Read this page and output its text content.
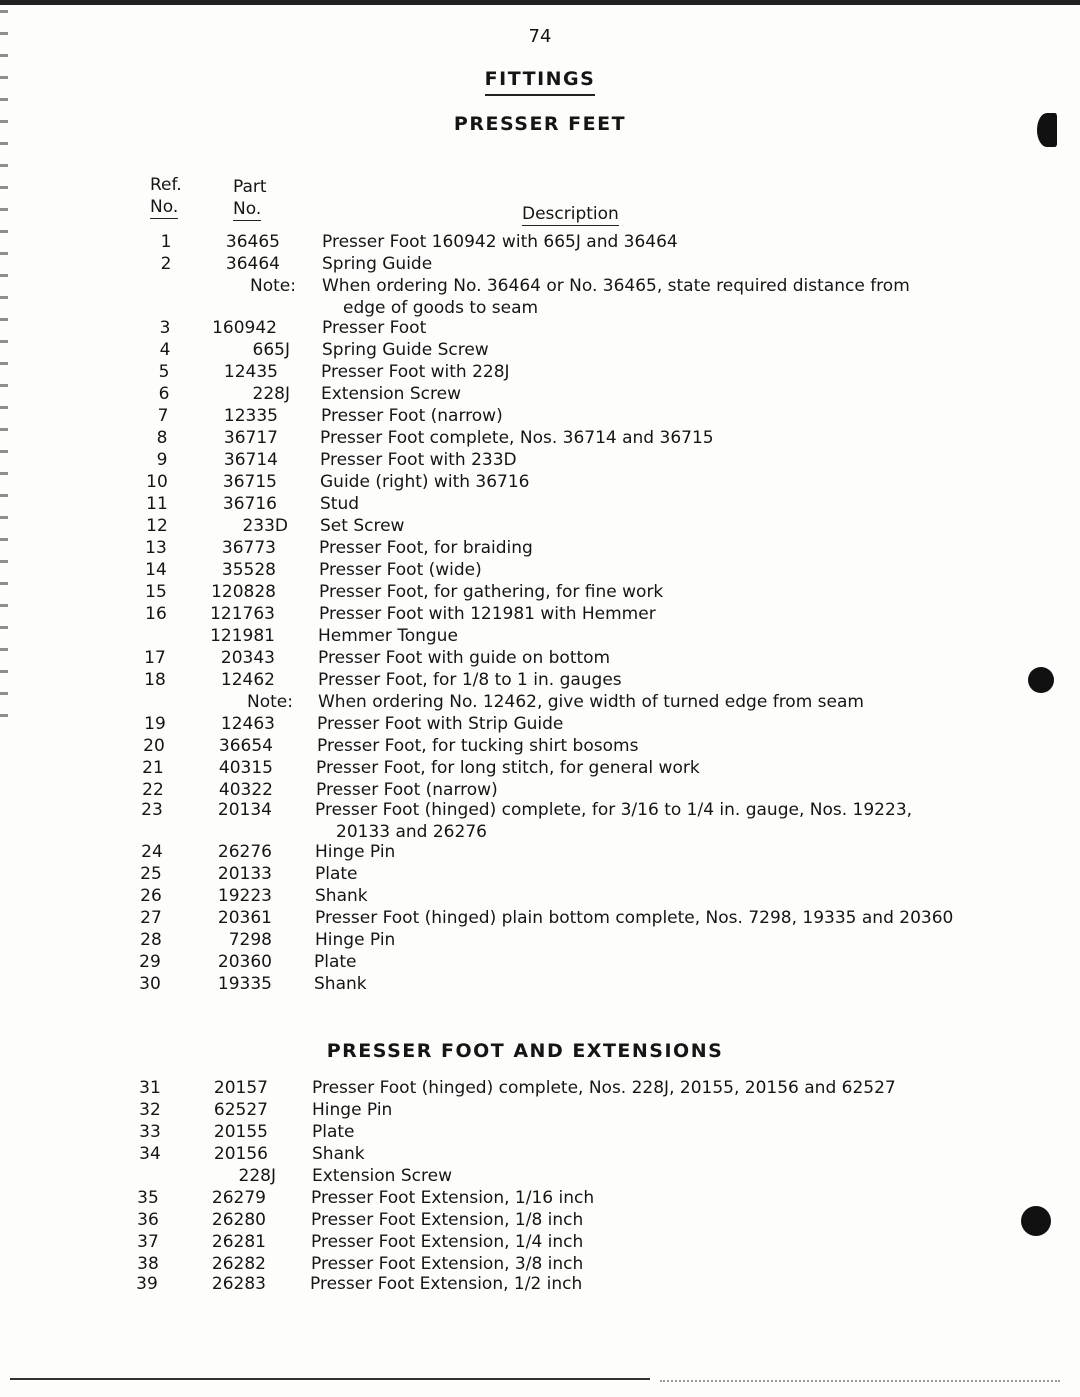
74
FITTINGS
PRESSER FEET
Ref.
No.
Part
No.	Description
1	36465 Presser Foot 160942 with 665J and 36464
2	36464 Spring Guide
Note: When ordering No. 36464 or No. 36465, state required distance from
edge of goods to seam
3	160942	Presser Foot
4	665J Spring Guide Screw
5	12435	Presser Foot with 228J
6	228J Extension Screw
7	12335	Presser Foot (narrow)
8	36717 Presser Foot complete, Nos. 36714 and 36715
9	36714 Presser Foot with 233D
10	36715	Guide (right) with 36716
11	36716	Stud
12	233D Set Screw
13	36773	Presser Foot, for braiding
14	35528	Presser Foot (wide)
15	120828	Presser Foot, for gathering, for fine work
16	121763	Presser Foot with 121981 with Hemmer
121981	Hemmer Tongue
17	20343	Presser Foot with guide on bottom
18	12462	Presser Foot, for 1/8 to 1 in. gauges
Note: When ordering No. 12462, give width of turned edge from seam
19	12463 Presser Foot with Strip Guide
20	36654	Presser Foot, for tucking shirt bosoms
21	40315	Presser Foot, for long stitch, for general work
22	40322	Presser Foot (narrow)
23	20134	Presser Foot (hinged) complete, for 3/16 to 1/4 in. gauge, Nos. 19223,
20133 and 26276
24	26276	Hinge Pin
25	20133	Plate
26	19223	Shank
27	20361	Presser Foot (hinged) plain bottom complete, Nos. 7298, 19335 and 20360
28	7298	Hinge Pin
29	20360 Plate
30	19335 Shank
PRESSER FOOT AND EXTENSIONS
31	20157	Presser Foot (hinged) complete, Nos. 228J, 20155, 20156 and 62527
32	62527	Hinge Pin
33	20155	Plate
34	20156	Shank
228J Extension Screw
35	26279	Presser Foot Extension, 1/16 inch
36	26280	Presser Foot Extension, 1/8 inch
37	26281	Presser Foot Extension, 1/4 inch
38	26282	Presser Foot Extension, 3/8 inch
39	26283	Presser Foot Extension, 1/2 inch
